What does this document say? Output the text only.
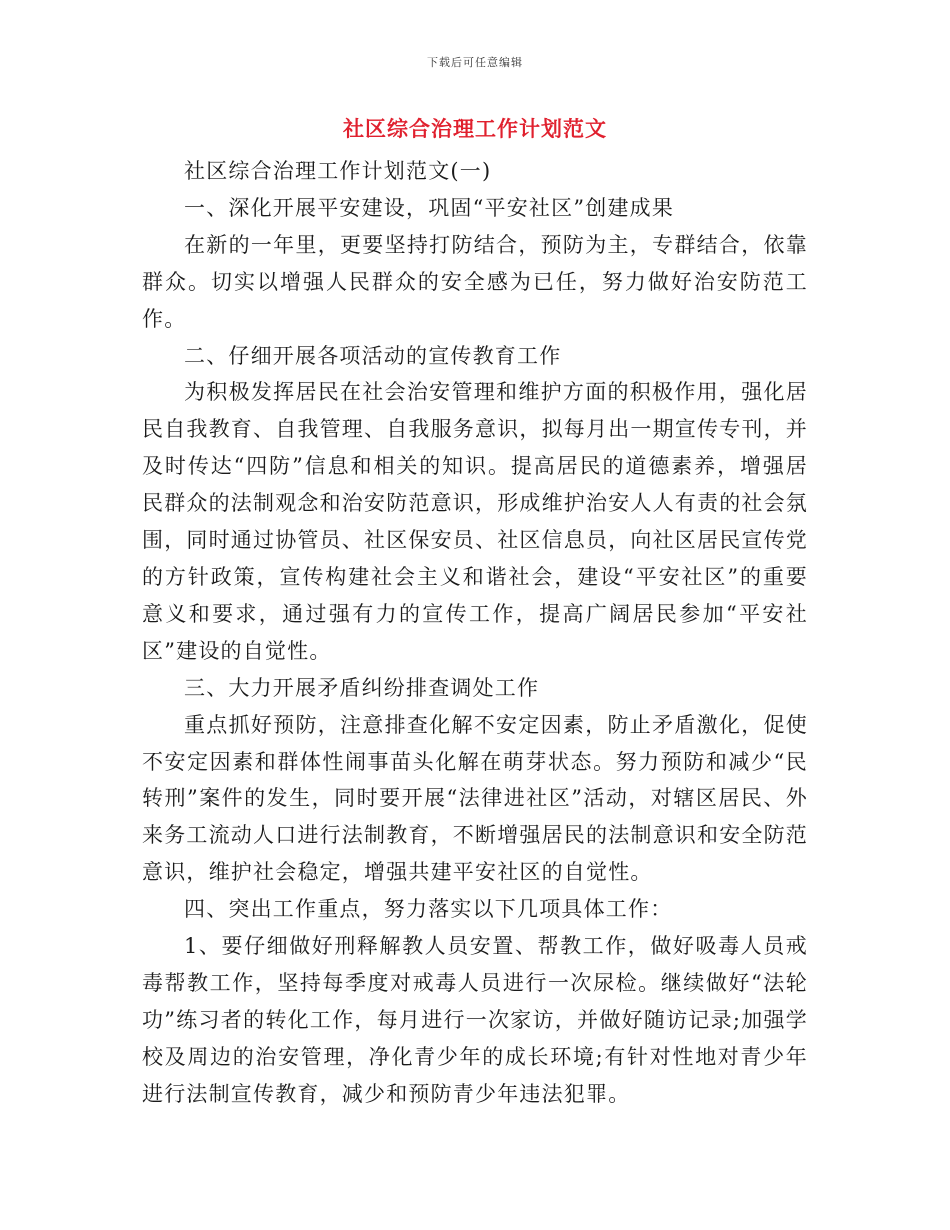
下载后可任意编辑
社区综合治理工作计划范文

社区综合治理工作计划范文(一)

一、深化开展平安建设，巩固“平安社区”创建成果

在新的一年里，更要坚持打防结合，预防为主，专群结合，依靠群众。切实以增强人民群众的安全感为已任，努力做好治安防范工作。

二、仔细开展各项活动的宣传教育工作

为积极发挥居民在社会治安管理和维护方面的积极作用，强化居民自我教育、自我管理、自我服务意识，拟每月出一期宣传专刊，并及时传达“四防”信息和相关的知识。提高居民的道德素养，增强居民群众的法制观念和治安防范意识，形成维护治安人人有责的社会氛围，同时通过协管员、社区保安员、社区信息员，向社区居民宣传党的方针政策，宣传构建社会主义和谐社会，建设“平安社区”的重要意义和要求，通过强有力的宣传工作，提高广阔居民参加“平安社区”建设的自觉性。

三、大力开展矛盾纠纷排查调处工作

重点抓好预防，注意排查化解不安定因素，防止矛盾激化，促使不安定因素和群体性闹事苗头化解在萌芽状态。努力预防和减少“民转刑”案件的发生，同时要开展“法律进社区”活动，对辖区居民、外来务工流动人口进行法制教育，不断增强居民的法制意识和安全防范意识，维护社会稳定，增强共建平安社区的自觉性。

四、突出工作重点，努力落实以下几项具体工作：

1、要仔细做好刑释解教人员安置、帮教工作，做好吸毒人员戒毒帮教工作，坚持每季度对戒毒人员进行一次尿检。继续做好“法轮功”练习者的转化工作，每月进行一次家访，并做好随访记录;加强学校及周边的治安管理，净化青少年的成长环境;有针对性地对青少年进行法制宣传教育，减少和预防青少年违法犯罪。
